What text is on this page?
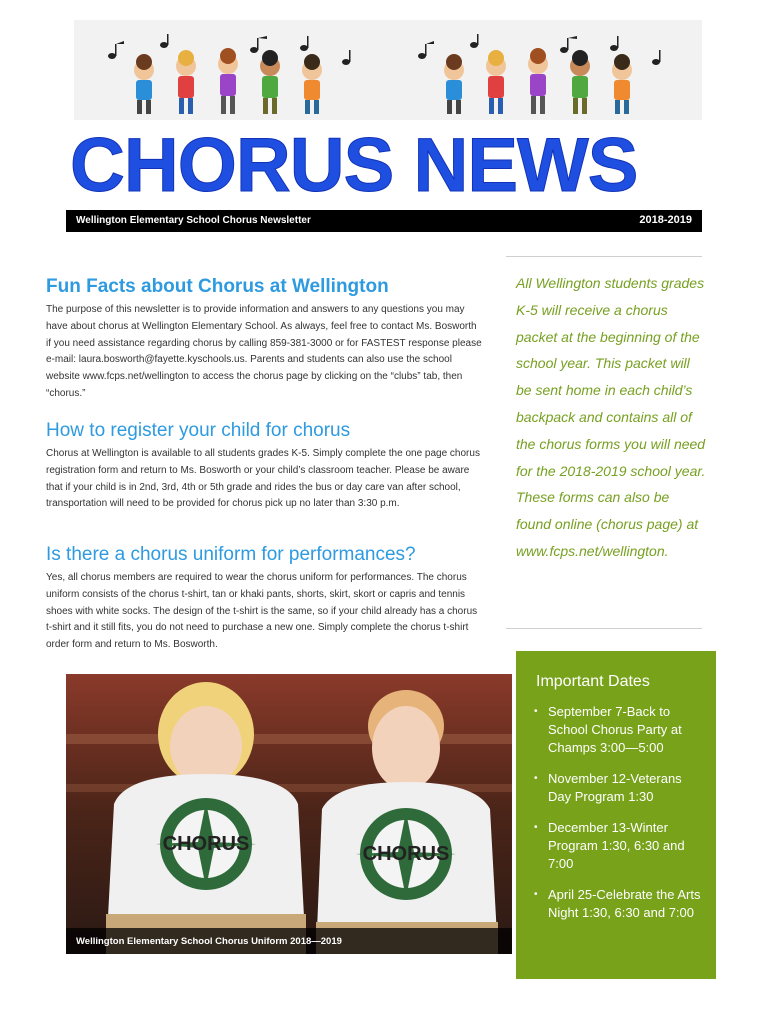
CHORUS NEWS
Wellington Elementary School Chorus Newsletter	2018-2019
Fun Facts about Chorus at Wellington

The purpose of this newsletter is to provide information and answers to any questions you may have about chorus at Wellington Elementary School. As always, feel free to contact Ms. Bosworth if you need assistance regarding chorus by calling 859-381-3000 or for FASTEST response please e-mail: laura.bosworth@fayette.kyschools.us. Parents and students can also use the school website www.fcps.net/wellington to access the chorus page by clicking on the “clubs” tab, then “chorus.”

How to register your child for chorus

Chorus at Wellington is available to all students grades K-5. Simply complete the one page chorus registration form and return to Ms. Bosworth or your child’s classroom teacher. Please be aware that if your child is in 2nd, 3rd, 4th or 5th grade and rides the bus or day care van after school, transportation will need to be provided for chorus pick up no later than 3:30 p.m.

Is there a chorus uniform for performances?

Yes, all chorus members are required to wear the chorus uniform for performances. The chorus uniform consists of the chorus t-shirt, tan or khaki pants, shorts, skirt, skort or capris and tennis shoes with white socks. The design of the t-shirt is the same, so if your child already has a chorus t-shirt and it still fits, you do not need to purchase a new one. Simply complete the chorus t-shirt order form and return to Ms. Bosworth.

All Wellington students grades K-5 will receive a chorus packet at the beginning of the school year. This packet will be sent home in each child’s backpack and contains all of the chorus forms you will need for the 2018-2019 school year. These forms can also be found online (chorus page) at www.fcps.net/wellington.
CHORUS	CHORUS
Wellington Elementary School Chorus Uniform 2018—2019
Important Dates
• September 7-Back to School Chorus Party at Champs 3:00—5:00
• November 12-Veterans Day Program 1:30
• December 13-Winter Program 1:30, 6:30 and 7:00
• April 25-Celebrate the Arts Night 1:30, 6:30 and 7:00
